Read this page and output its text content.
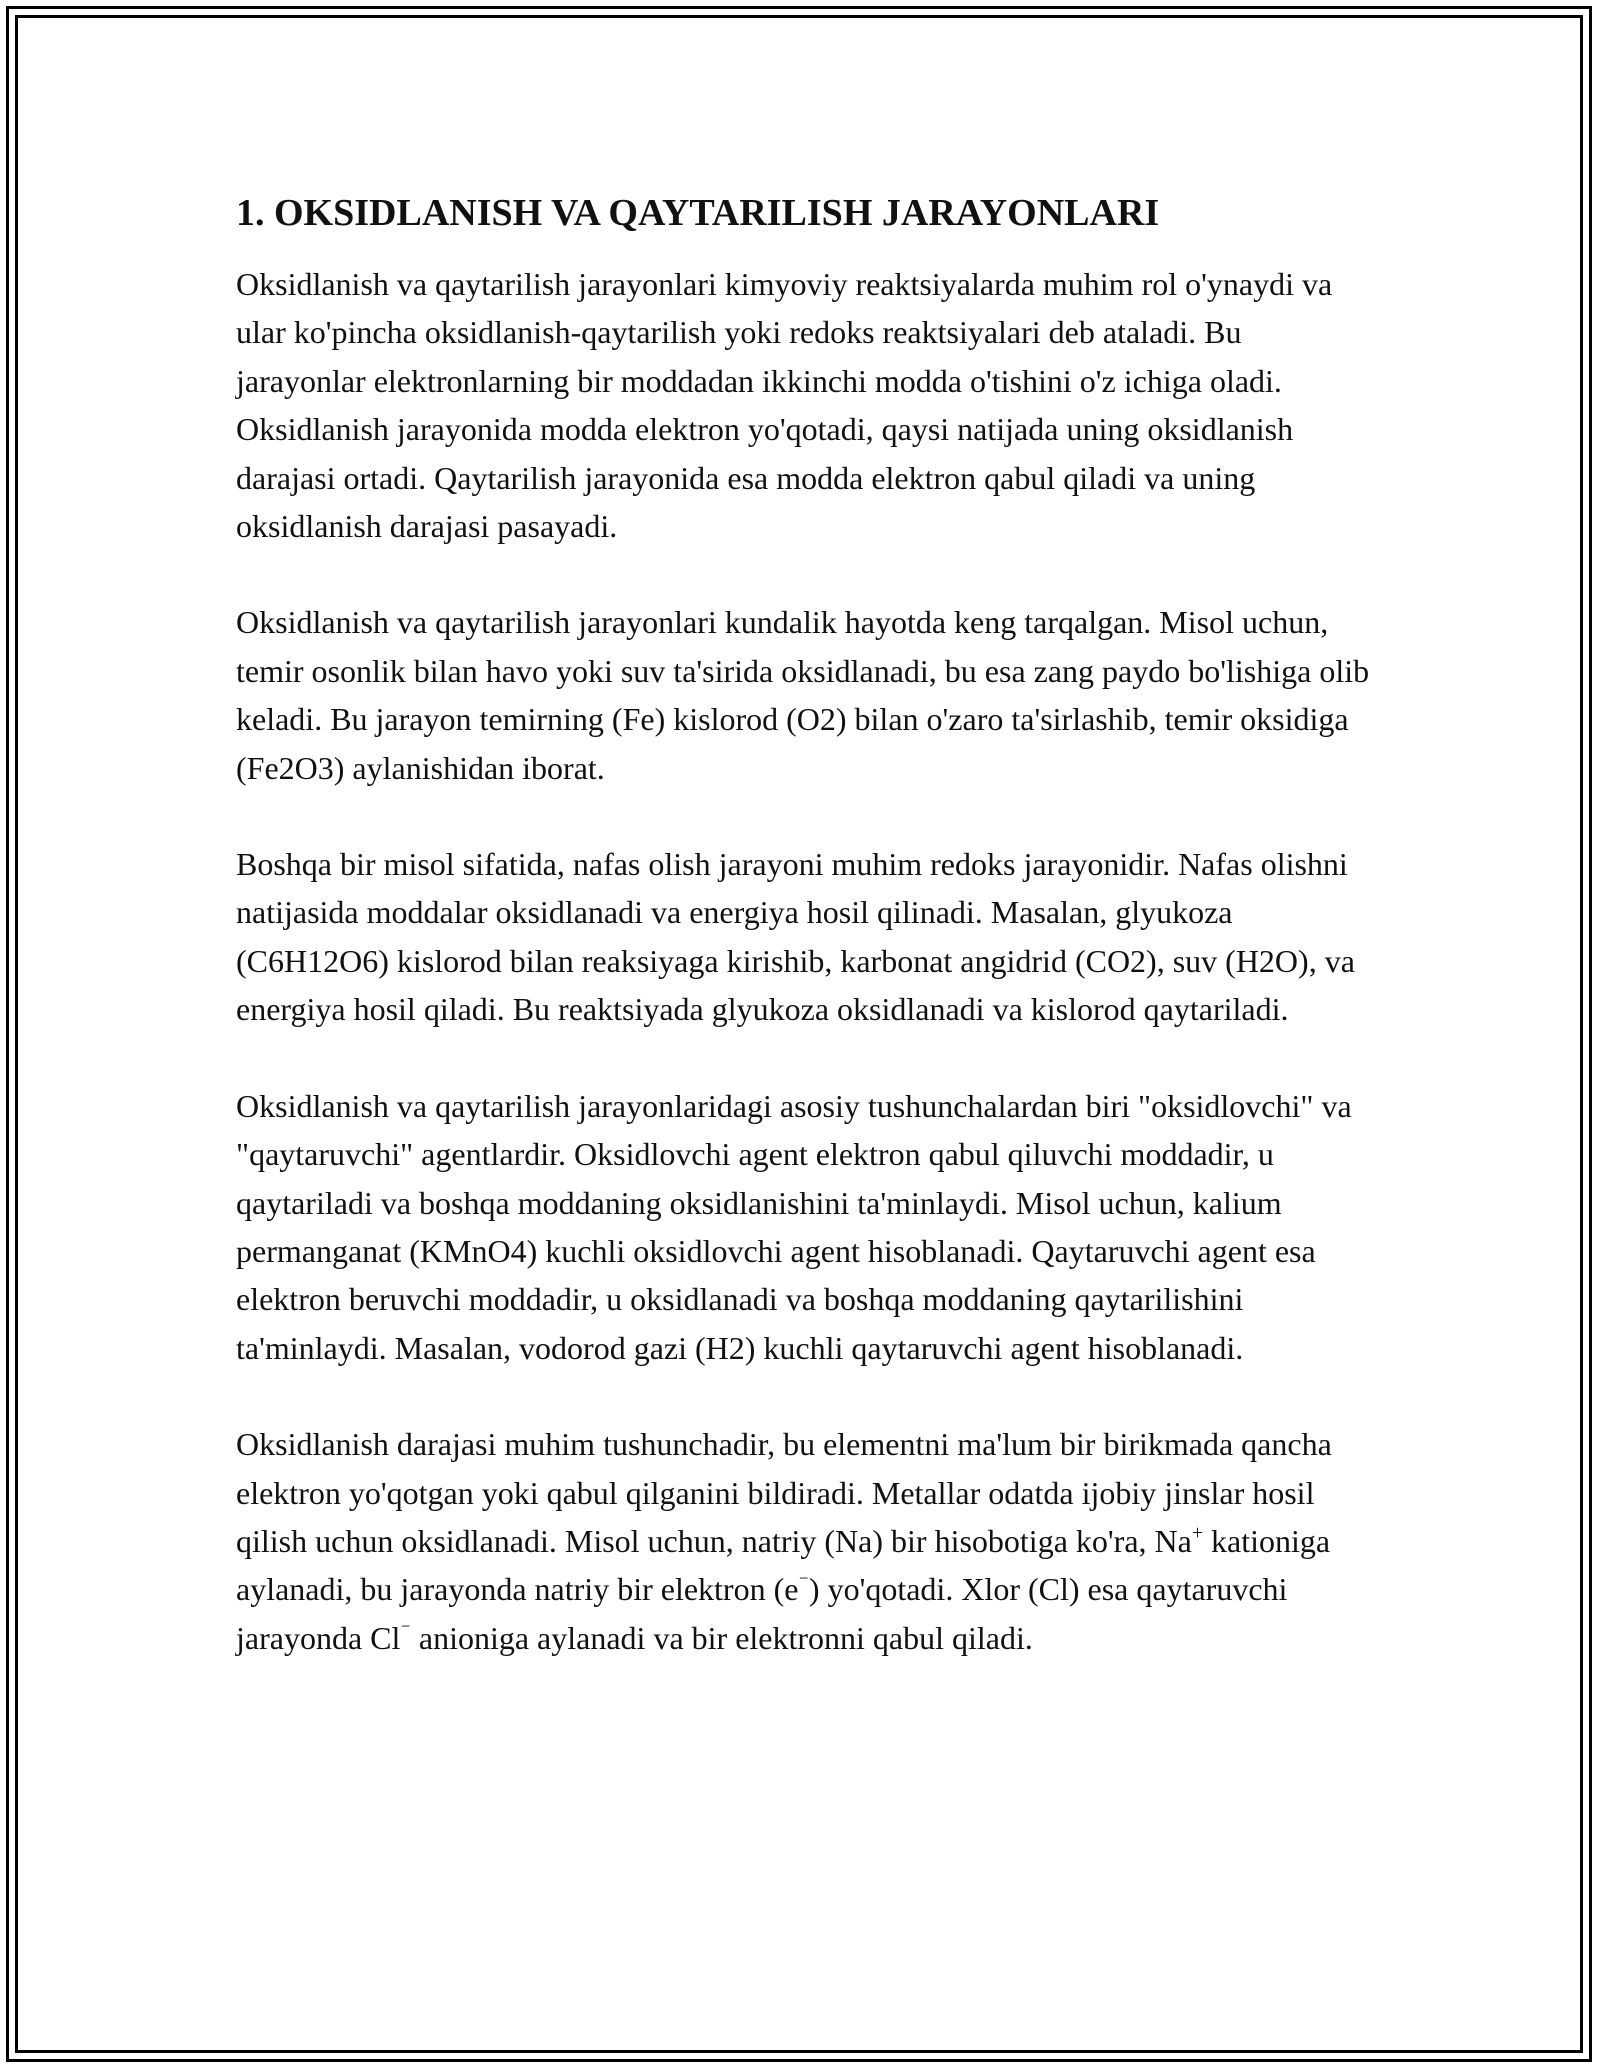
1. OKSIDLANISH VA QAYTARILISH JARAYONLARI

Oksidlanish va qaytarilish jarayonlari kimyoviy reaktsiyalarda muhim rol o'ynaydi va ular ko'pincha oksidlanish-qaytarilish yoki redoks reaktsiyalari deb ataladi. Bu jarayonlar elektronlarning bir moddadan ikkinchi modda o'tishini o'z ichiga oladi. Oksidlanish jarayonida modda elektron yo'qotadi, qaysi natijada uning oksidlanish darajasi ortadi. Qaytarilish jarayonida esa modda elektron qabul qiladi va uning oksidlanish darajasi pasayadi.

Oksidlanish va qaytarilish jarayonlari kundalik hayotda keng tarqalgan. Misol uchun, temir osonlik bilan havo yoki suv ta'sirida oksidlanadi, bu esa zang paydo bo'lishiga olib keladi. Bu jarayon temirning (Fe) kislorod (O2) bilan o'zaro ta'sirlashib, temir oksidiga (Fe2O3) aylanishidan iborat.

Boshqa bir misol sifatida, nafas olish jarayoni muhim redoks jarayonidir. Nafas olishni natijasida moddalar oksidlanadi va energiya hosil qilinadi. Masalan, glyukoza (C6H12O6) kislorod bilan reaksiyaga kirishib, karbonat angidrid (CO2), suv (H2O), va energiya hosil qiladi. Bu reaktsiyada glyukoza oksidlanadi va kislorod qaytariladi.

Oksidlanish va qaytarilish jarayonlaridagi asosiy tushunchalardan biri "oksidlovchi" va "qaytaruvchi" agentlardir. Oksidlovchi agent elektron qabul qiluvchi moddadir, u qaytariladi va boshqa moddaning oksidlanishini ta'minlaydi. Misol uchun, kalium permanganat (KMnO4) kuchli oksidlovchi agent hisoblanadi. Qaytaruvchi agent esa elektron beruvchi moddadir, u oksidlanadi va boshqa moddaning qaytarilishini ta'minlaydi. Masalan, vodorod gazi (H2) kuchli qaytaruvchi agent hisoblanadi.

Oksidlanish darajasi muhim tushunchadir, bu elementni ma'lum bir birikmada qancha elektron yo'qotgan yoki qabul qilganini bildiradi. Metallar odatda ijobiy jinslar hosil qilish uchun oksidlanadi. Misol uchun, natriy (Na) bir hisobotiga ko'ra, Na+ kationiga aylanadi, bu jarayonda natriy bir elektron (e⁻) yo'qotadi. Xlor (Cl) esa qaytaruvchi jarayonda Cl⁻ anioniga aylanadi va bir elektronni qabul qiladi.
